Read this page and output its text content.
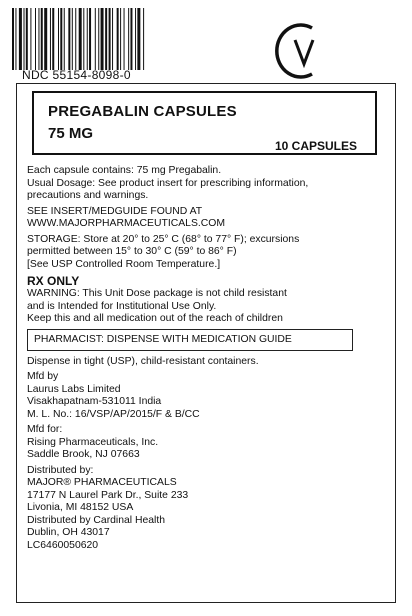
NDC 55154-8098-0
PREGABALIN CAPSULES
75 MG
10 CAPSULES

Each capsule contains: 75 mg Pregabalin.

Usual Dosage: See product insert for prescribing information,

precautions and warnings.

SEE INSERT/MEDGUIDE FOUND AT

WWW.MAJORPHARMACEUTICALS.COM

STORAGE: Store at 20° to 25° C (68° to 77° F); excursions

permitted between 15° to 30° C (59° to 86° F)

[See USP Controlled Room Temperature.]

RX ONLY

WARNING: This Unit Dose package is not child resistant

and is Intended for Institutional Use Only.

Keep this and all medication out of the reach of children

PHARMACIST: DISPENSE WITH MEDICATION GUIDE

Dispense in tight (USP), child-resistant containers.

Mfd by

Laurus Labs Limited

Visakhapatnam-531011 India

M. L. No.: 16/VSP/AP/2015/F & B/CC

Mfd for:

Rising Pharmaceuticals, Inc.

Saddle Brook, NJ 07663

Distributed by:

MAJOR® PHARMACEUTICALS

17177 N Laurel Park Dr., Suite 233

Livonia, MI 48152 USA

Distributed by Cardinal Health

Dublin, OH 43017

LC6460050620
